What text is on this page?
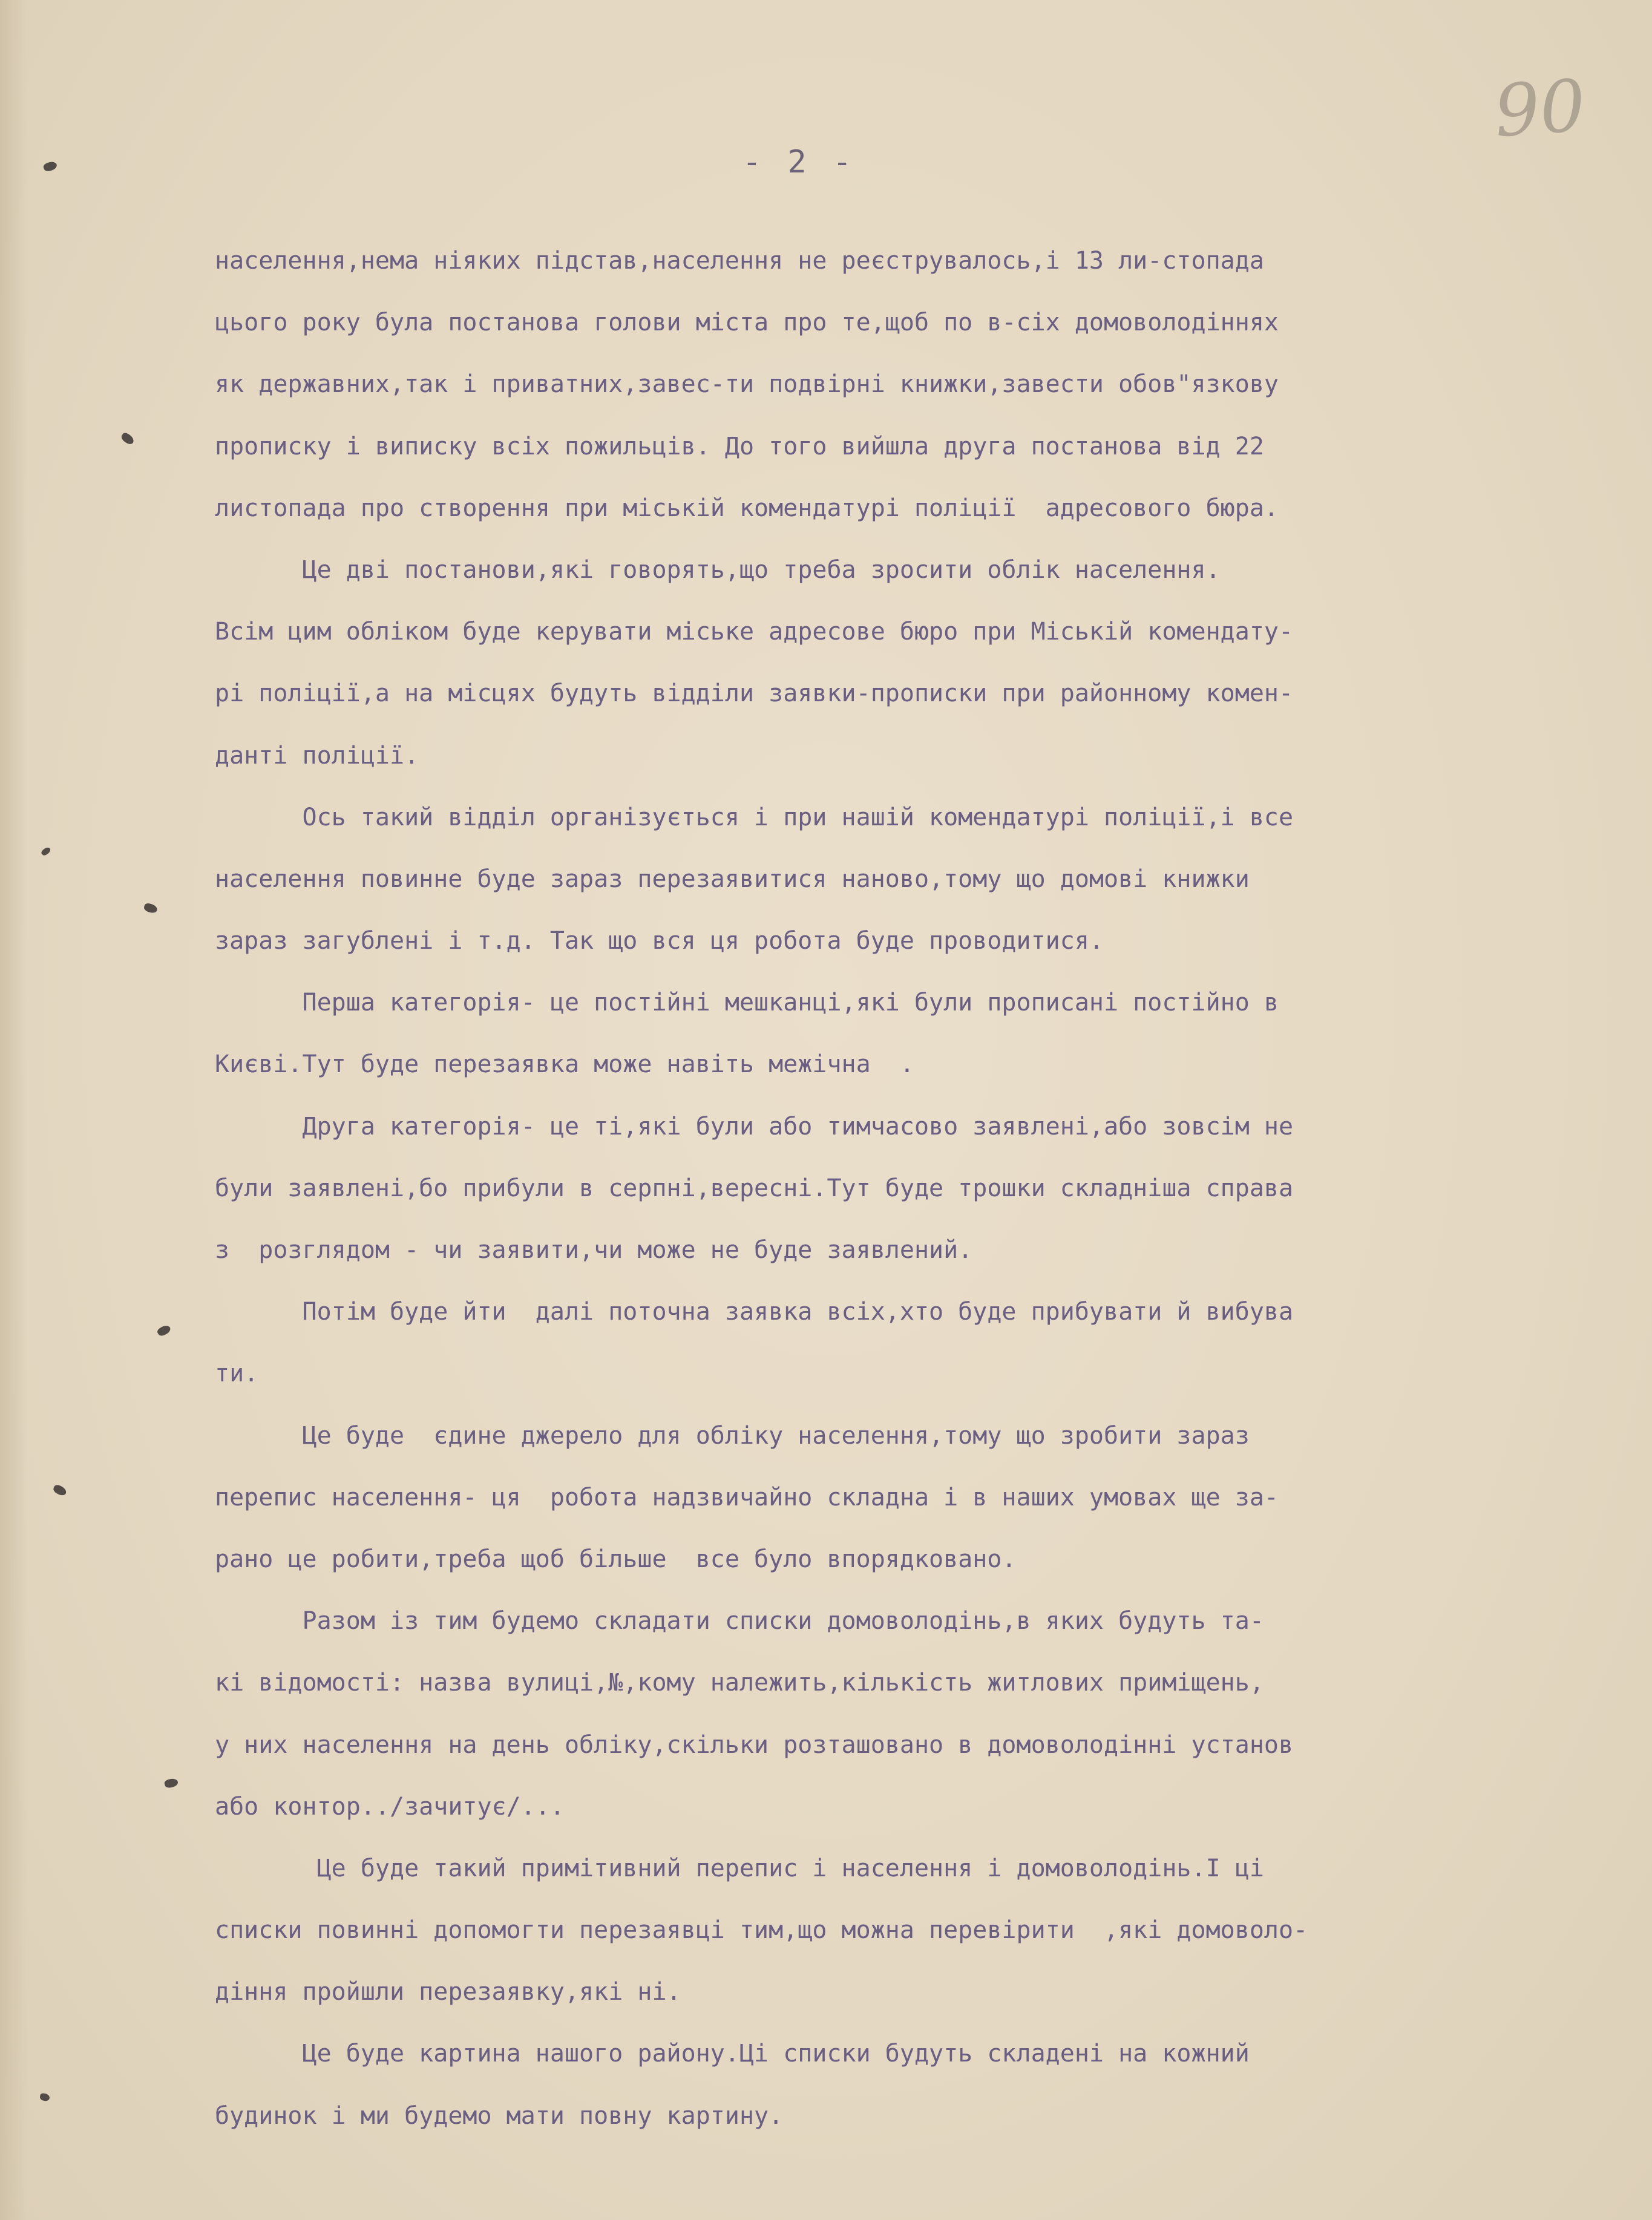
90
- 2 -
населення,нема ніяких підстав,населення не реєструвалось,і 13 ли-стопада
цього року була постанова голови міста про те,щоб по в-сіх домоволодіннях
як державних,так і приватних,завес-ти подвірні книжки,завести обов"язкову
прописку і виписку всіх пожильців. До того вийшла друга постанова від 22
листопада про створення при міській комендатурі поліції  адресового бюра.
Це дві постанови,які говорять,що треба зросити облік населення.
Всім цим обліком буде керувати міське адресове бюро при Міській комендату-
рі поліції,а на місцях будуть відділи заявки-прописки при районному комен-
данті поліції.
Ось такий відділ організується і при нашій комендатурі поліції,і все
населення повинне буде зараз перезаявитися наново,тому що домові книжки
зараз загублені і т.д. Так що вся ця робота буде проводитися.
Перша категорія- це постійні мешканці,які були прописані постійно в
Києві.Тут буде перезаявка може навіть межічна  .
Друга категорія- це ті,які були або тимчасово заявлені,або зовсім не
були заявлені,бо прибули в серпні,вересні.Тут буде трошки складніша справа
з  розглядом - чи заявити,чи може не буде заявлений.
Потім буде йти  далі поточна заявка всіх,хто буде прибувати й вибува
ти.
Це буде  єдине джерело для обліку населення,тому що зробити зараз
перепис населення- ця  робота надзвичайно складна і в наших умовах ще за-
рано це робити,треба щоб більше  все було впорядковано.
Разом із тим будемо складати списки домоволодінь,в яких будуть та-
кі відомості: назва вулиці,№,кому належить,кількість житлових приміщень,
у них населення на день обліку,скільки розташовано в домоволодінні установ
або контор../зачитує/...
Це буде такий примітивний перепис і населення і домоволодінь.І ці
списки повинні допомогти перезаявці тим,що можна перевірити  ,які домоволо-
діння пройшли перезаявку,які ні.
Це буде картина нашого району.Ці списки будуть складені на кожний
будинок і ми будемо мати повну картину.
